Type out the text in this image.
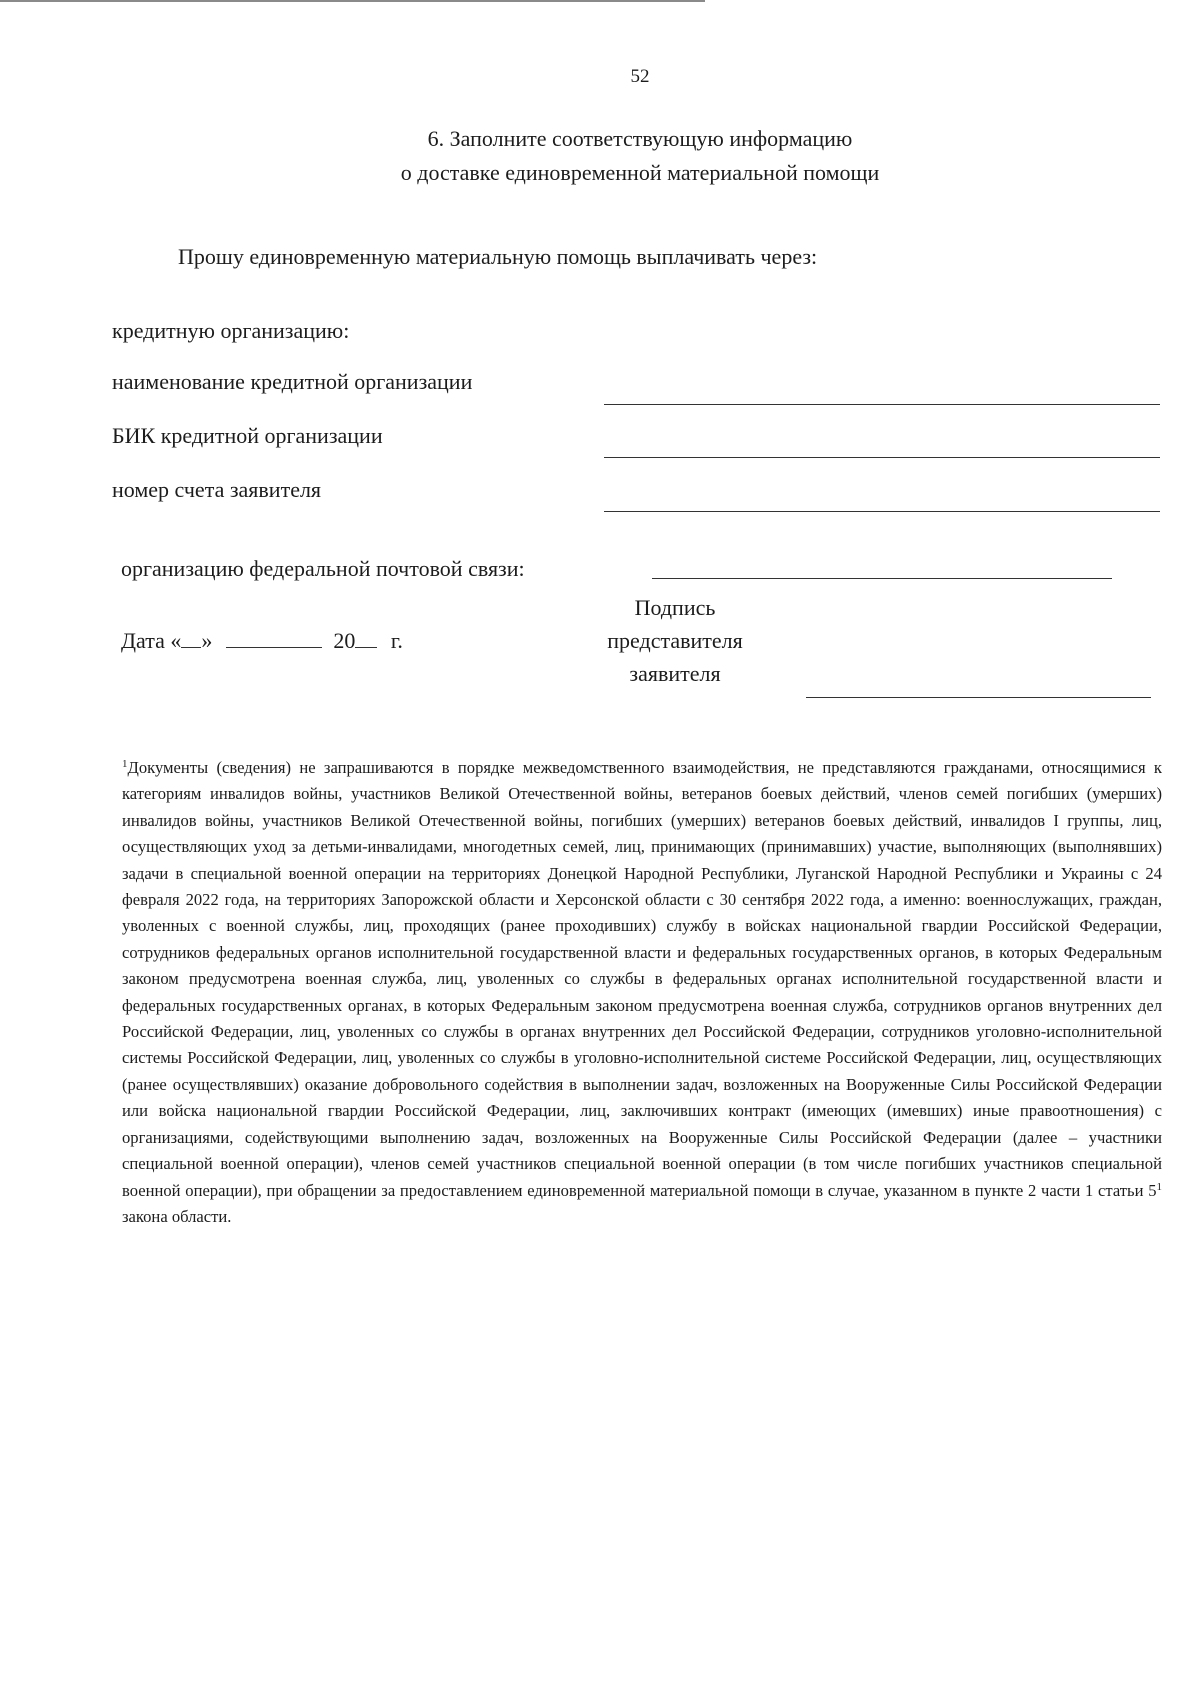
52
6. Заполните соответствующую информацию
о доставке единовременной материальной помощи
Прошу единовременную материальную помощь выплачивать через:
кредитную организацию:
наименование кредитной организации
БИК кредитной организации
номер счета заявителя
организацию федеральной почтовой связи:
Дата « »	20 г.
Подпись
представителя
заявителя
$^1$Документы (сведения) не запрашиваются в порядке межведомственного взаимодействия, не представляются гражданами, относящимися к категориям инвалидов войны, участников Великой Отечественной войны, ветеранов боевых действий, членов семей погибших (умерших) инвалидов войны, участников Великой Отечественной войны, погибших (умерших) ветеранов боевых действий, инвалидов I группы, лиц, осуществляющих уход за детьми-инвалидами, многодетных семей, лиц, принимающих (принимавших) участие, выполняющих (выполнявших) задачи в специальной военной операции на территориях Донецкой Народной Республики, Луганской Народной Республики и Украины с 24 февраля 2022 года, на территориях Запорожской области и Херсонской области с 30 сентября 2022 года, а именно: военнослужащих, граждан, уволенных с военной службы, лиц, проходящих (ранее проходивших) службу в войсках национальной гвардии Российской Федерации, сотрудников федеральных органов исполнительной государственной власти и федеральных государственных органов, в которых Федеральным законом предусмотрена военная служба, лиц, уволенных со службы в федеральных органах исполнительной государственной власти и федеральных государственных органах, в которых Федеральным законом предусмотрена военная служба, сотрудников органов внутренних дел Российской Федерации, лиц, уволенных со службы в органах внутренних дел Российской Федерации, сотрудников уголовно-исполнительной системы Российской Федерации, лиц, уволенных со службы в уголовно-исполнительной системе Российской Федерации, лиц, осуществляющих (ранее осуществлявших) оказание добровольного содействия в выполнении задач, возложенных на Вооруженные Силы Российской Федерации или войска национальной гвардии Российской Федерации, лиц, заключивших контракт (имеющих (имевших) иные правоотношения) с организациями, содействующими выполнению задач, возложенных на Вооруженные Силы Российской Федерации (далее – участники специальной военной операции), членов семей участников специальной военной операции (в том числе погибших участников специальной военной операции), при обращении за предоставлением единовременной материальной помощи в случае, указанном в пункте 2 части 1 статьи $5^1$ закона области.
